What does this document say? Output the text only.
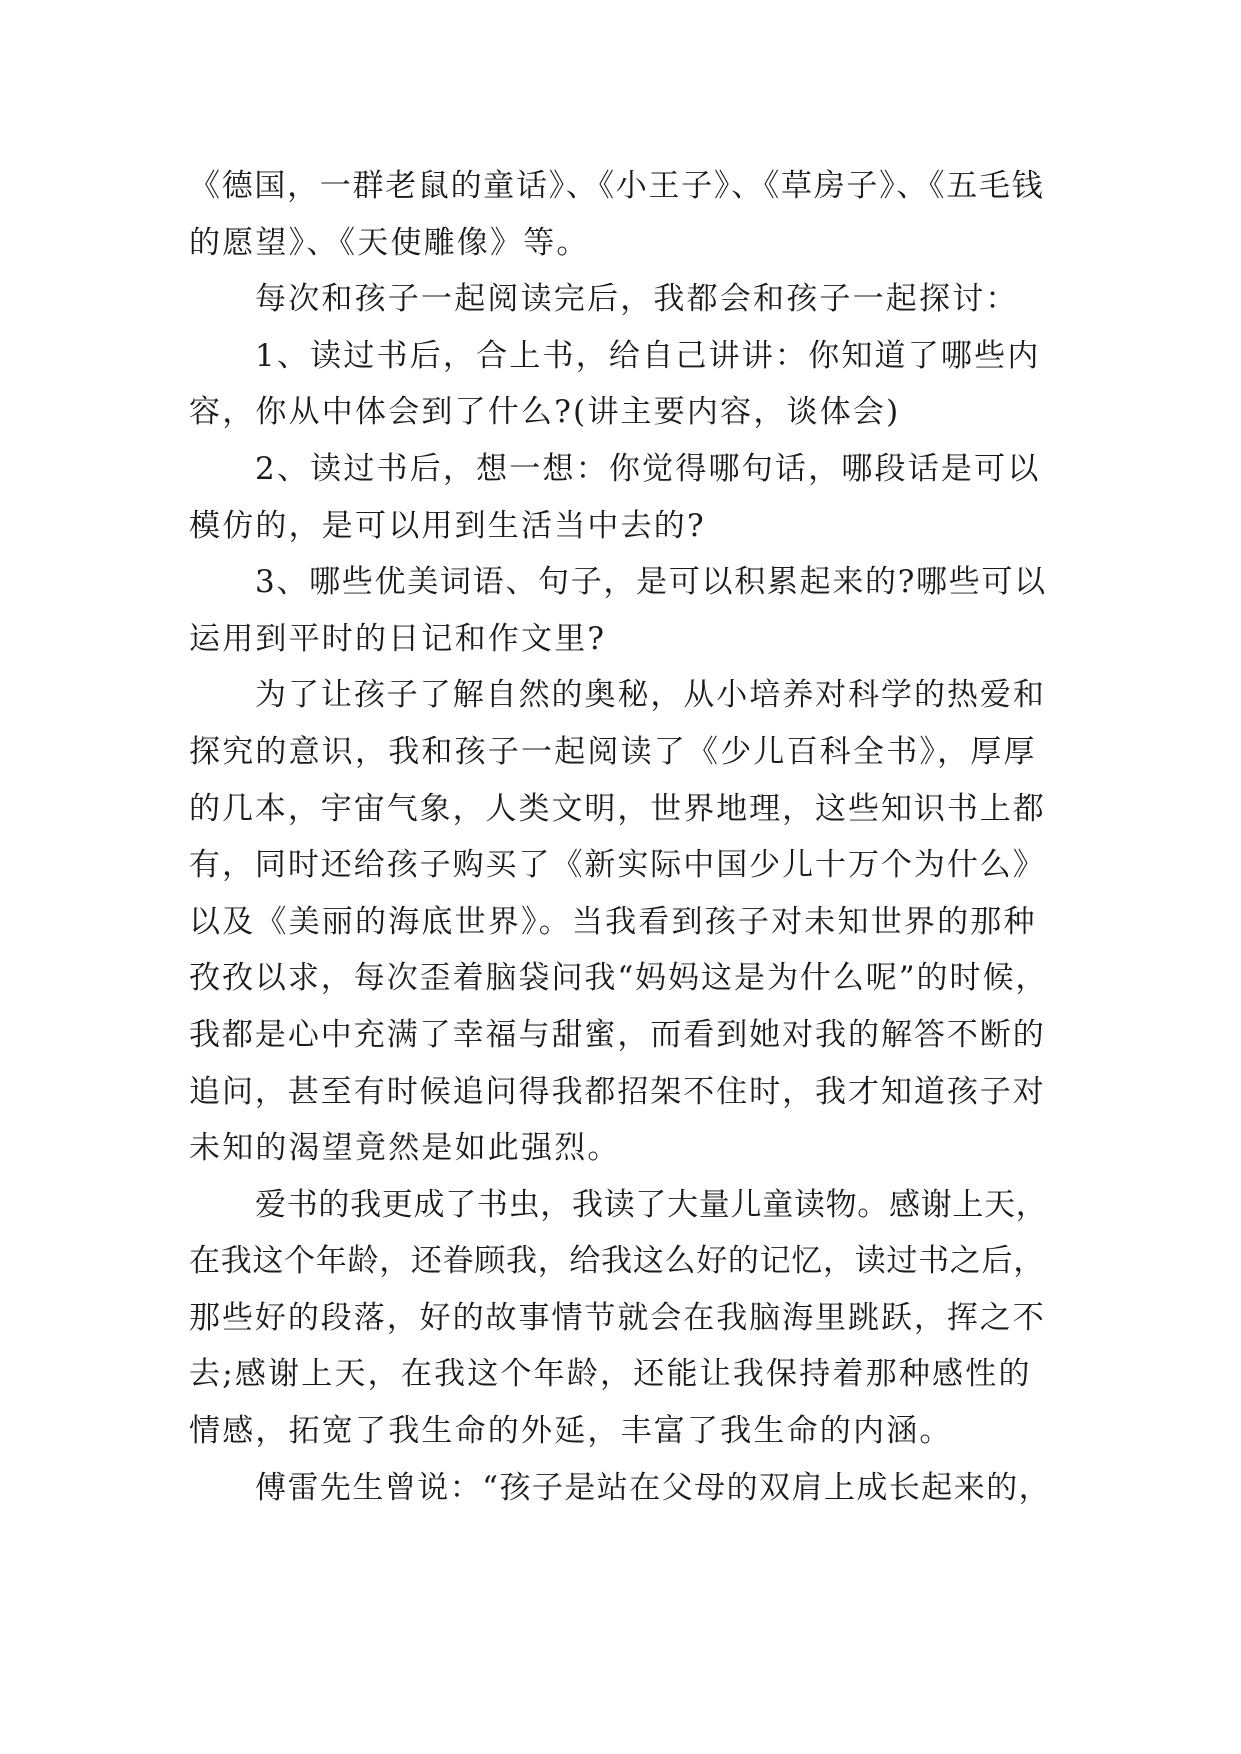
《德国，一群老鼠的童话》、《小王子》、《草房子》、《五毛钱
的愿望》、《天使雕像》等。
每次和孩子一起阅读完后，我都会和孩子一起探讨：
1、读过书后，合上书，给自己讲讲：你知道了哪些内
容，你从中体会到了什么?(讲主要内容，谈体会)
2、读过书后，想一想：你觉得哪句话，哪段话是可以
模仿的，是可以用到生活当中去的?
3、哪些优美词语、句子，是可以积累起来的?哪些可以
运用到平时的日记和作文里?
为了让孩子了解自然的奥秘，从小培养对科学的热爱和
探究的意识，我和孩子一起阅读了《少儿百科全书》，厚厚
的几本，宇宙气象，人类文明，世界地理，这些知识书上都
有，同时还给孩子购买了《新实际中国少儿十万个为什么》
以及《美丽的海底世界》。当我看到孩子对未知世界的那种
孜孜以求，每次歪着脑袋问我“妈妈这是为什么呢”的时候，
我都是心中充满了幸福与甜蜜，而看到她对我的解答不断的
追问，甚至有时候追问得我都招架不住时，我才知道孩子对
未知的渴望竟然是如此强烈。
爱书的我更成了书虫，我读了大量儿童读物。感谢上天，
在我这个年龄，还眷顾我，给我这么好的记忆，读过书之后，
那些好的段落，好的故事情节就会在我脑海里跳跃，挥之不
去;感谢上天，在我这个年龄，还能让我保持着那种感性的
情感，拓宽了我生命的外延，丰富了我生命的内涵。
傅雷先生曾说：“孩子是站在父母的双肩上成长起来的，
